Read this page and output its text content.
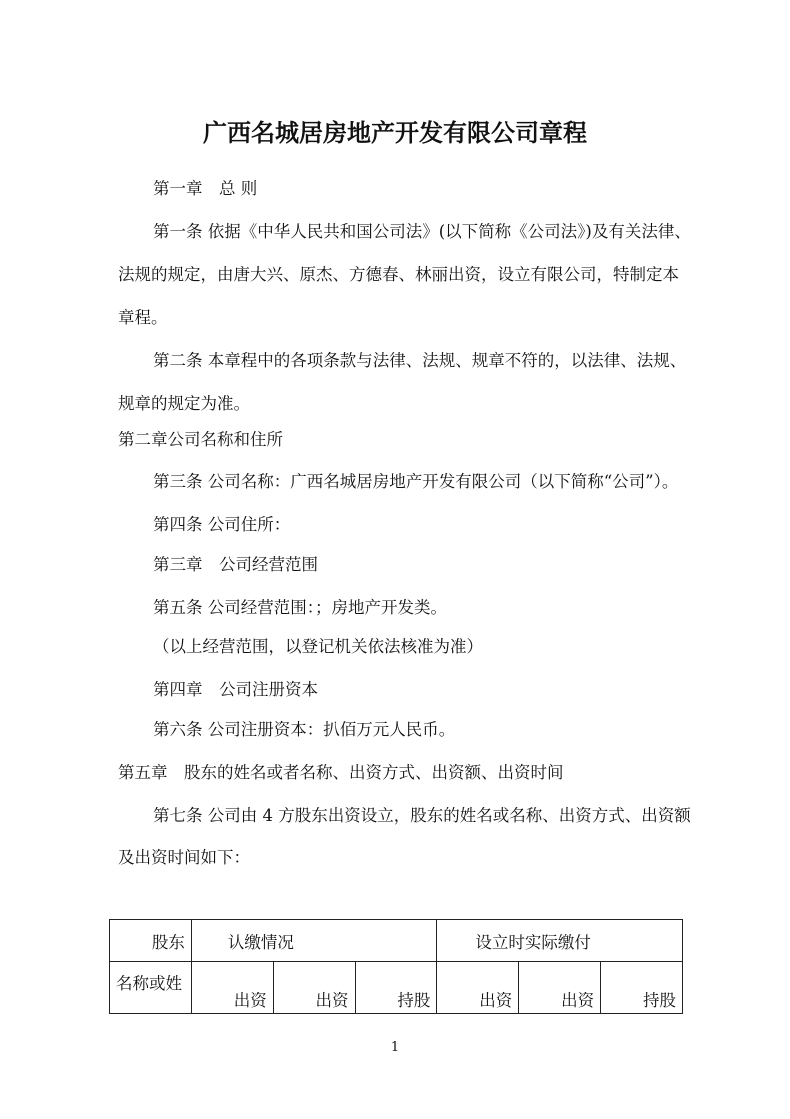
广西名城居房地产开发有限公司章程
第一章　总 则
第一条 依据《中华人民共和国公司法》(以下简称《公司法》)及有关法律、
法规的规定，由唐大兴、原杰、方德春、林丽出资，设立有限公司，特制定本
章程。
第二条 本章程中的各项条款与法律、法规、规章不符的，以法律、法规、
规章的规定为准。
第二章公司名称和住所
第三条 公司名称：广西名城居房地产开发有限公司（以下简称“公司”）。
第四条 公司住所：
第三章　公司经营范围
第五条 公司经营范围：；房地产开发类。
（以上经营范围，以登记机关依法核准为准）
第四章　公司注册资本
第六条 公司注册资本：扒佰万元人民币。
第五章　股东的姓名或者名称、出资方式、出资额、出资时间
第七条 公司由 4 方股东出资设立，股东的姓名或名称、出资方式、出资额
及出资时间如下：
股东	认缴情况			设立时实际缴付		
名称或姓	出资	出资	持股	出资	出资	持股
1
